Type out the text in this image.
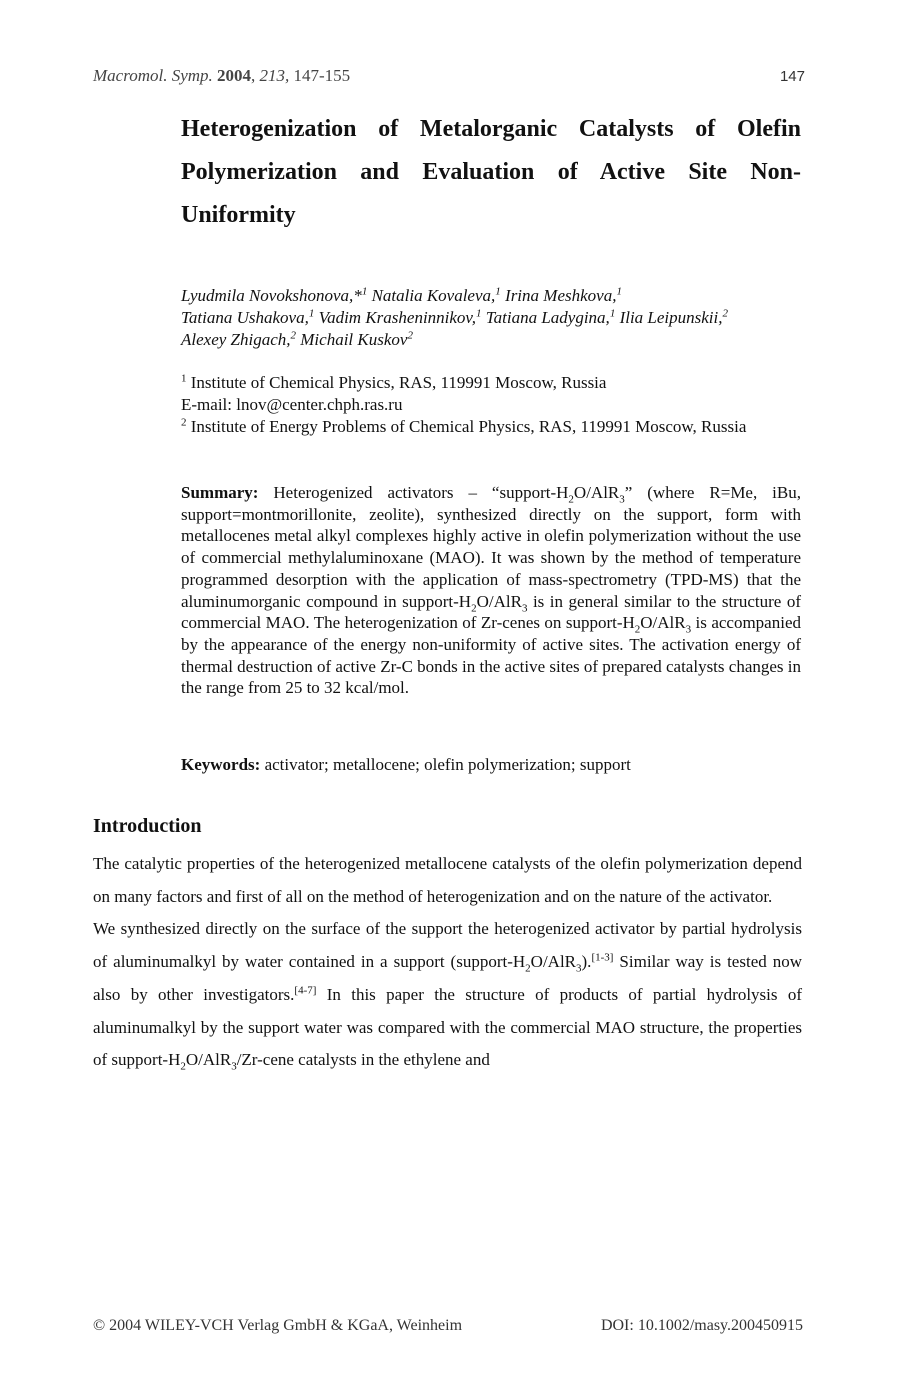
Macromol. Symp. 2004, 213, 147-155	147
Heterogenization of Metalorganic Catalysts of Olefin Polymerization and Evaluation of Active Site Non-Uniformity
Lyudmila Novokshonova,*$^1$ Natalia Kovaleva,$^1$ Irina Meshkova,$^1$
Tatiana Ushakova,$^1$ Vadim Krasheninnikov,$^1$ Tatiana Ladygina,$^1$ Ilia Leipunskii,$^2$
Alexey Zhigach,$^2$ Michail Kuskov$^2$
$^1$ Institute of Chemical Physics, RAS, 119991 Moscow, Russia
E-mail: lnov@center.chph.ras.ru
$^2$ Institute of Energy Problems of Chemical Physics, RAS, 119991 Moscow, Russia
Summary: Heterogenized activators – “$support-H_2O/AlR_3$” (where R=Me, iBu, support=montmorillonite, zeolite), synthesized directly on the support, form with metallocenes metal alkyl complexes highly active in olefin polymerization without the use of commercial methylaluminoxane (MAO). It was shown by the method of temperature programmed desorption with the application of mass-spectrometry (TPD-MS) that the aluminumorganic compound in support-$H_2O/AlR_3$ is in general similar to the structure of commercial MAO. The heterogenization of Zr-cenes on support-$H_2O/AlR_3$ is accompanied by the appearance of the energy non-uniformity of active sites. The activation energy of thermal destruction of active Zr-C bonds in the active sites of prepared catalysts changes in the range from 25 to 32 kcal/mol.
Keywords: activator; metallocene; olefin polymerization; support
Introduction

The catalytic properties of the heterogenized metallocene catalysts of the olefin polymerization depend on many factors and first of all on the method of heterogenization and on the nature of the activator.

We synthesized directly on the surface of the support the heterogenized activator by partial hydrolysis of aluminumalkyl by water contained in a support $(support-H_2O/AlR_3).[1-3]$ Similar way is tested now also by other investigators.[4-7] In this paper the structure of products of partial hydrolysis of aluminumalkyl by the support water was compared with the commercial MAO structure, the properties of support-$H_2O/AlR_3/Zr$-cene catalysts in the ethylene and

© 2004 WILEY-VCH Verlag GmbH & KGaA, Weinheim	DOI: 10.1002/masy.200450915
